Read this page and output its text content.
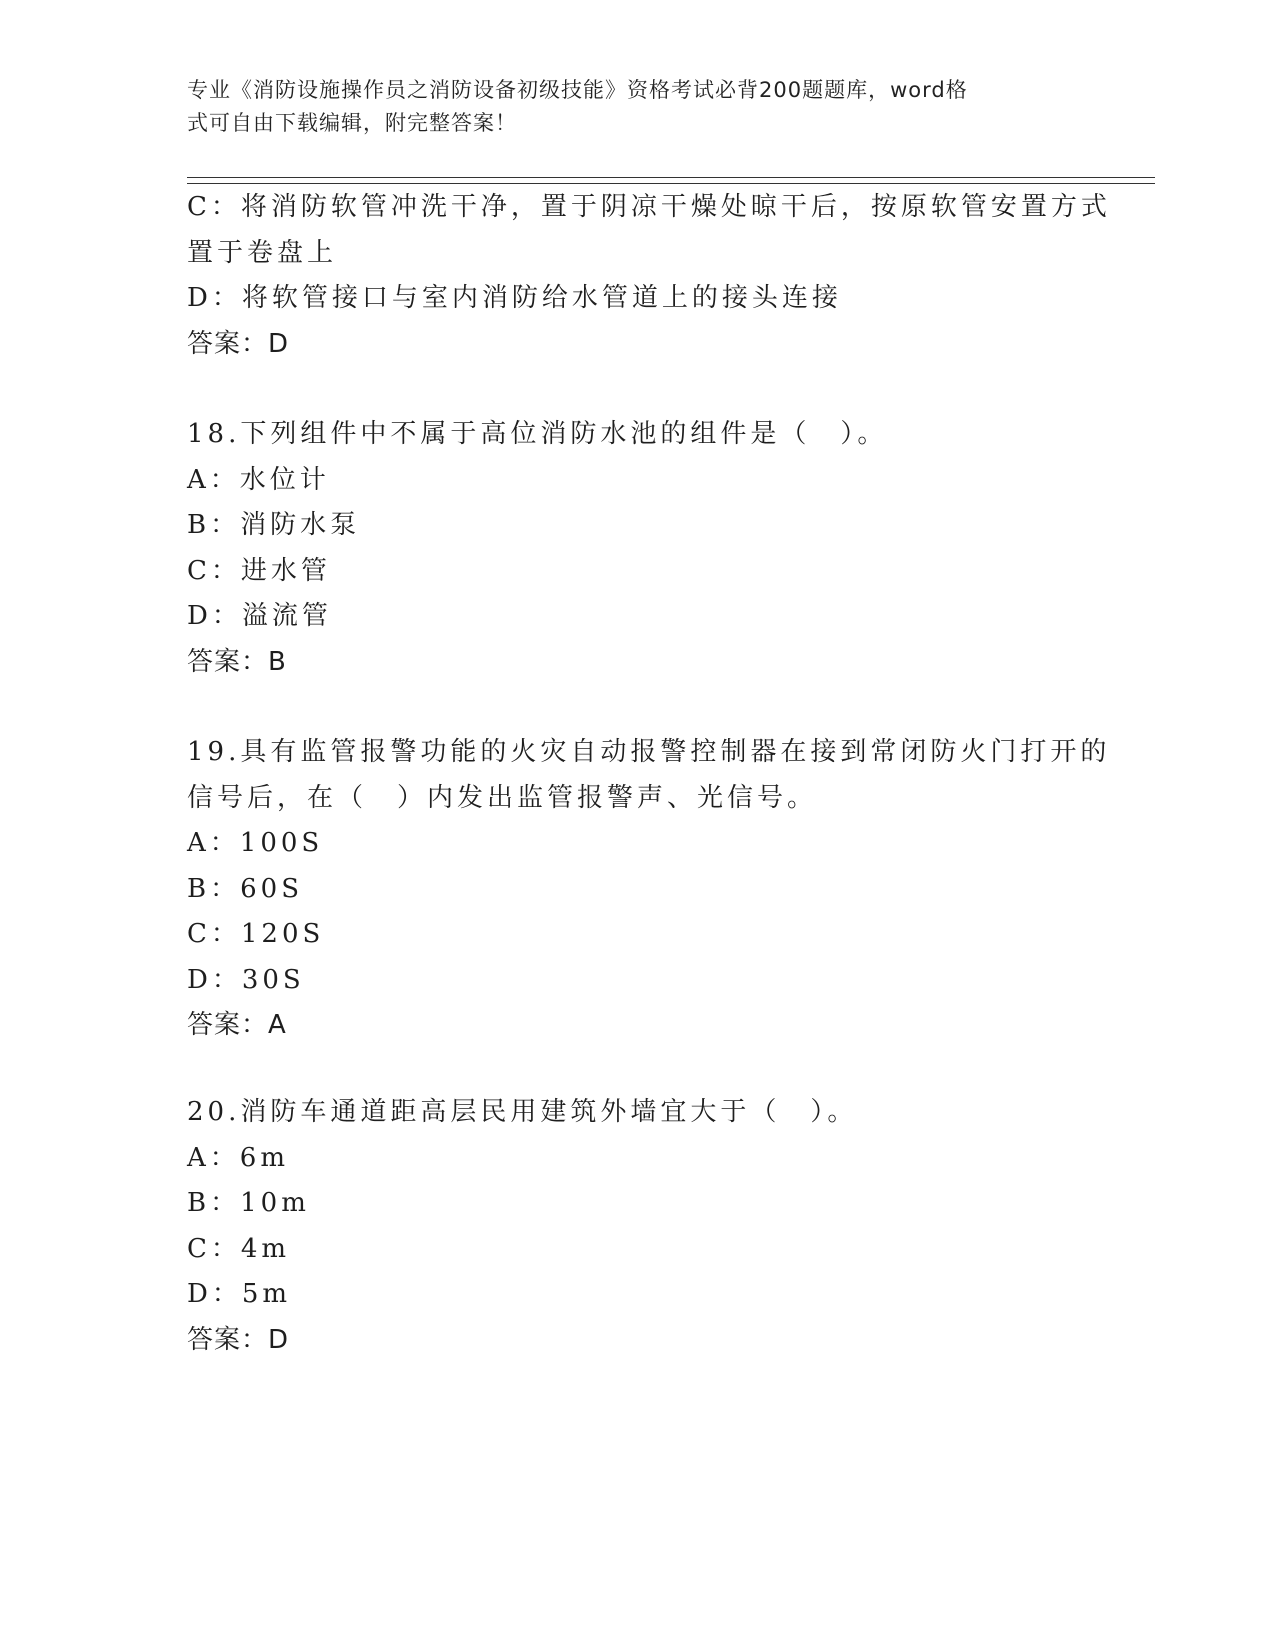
专业《消防设施操作员之消防设备初级技能》资格考试必背200题题库，word格
式可自由下载编辑，附完整答案！
C：将消防软管冲洗干净，置于阴凉干燥处晾干后，按原软管安置方式
置于卷盘上
D：将软管接口与室内消防给水管道上的接头连接
答案：D
18.下列组件中不属于高位消防水池的组件是（　）。
A：水位计
B：消防水泵
C：进水管
D：溢流管
答案：B
19.具有监管报警功能的火灾自动报警控制器在接到常闭防火门打开的
信号后，在（　）内发出监管报警声、光信号。
A：100S
B：60S
C：120S
D：30S
答案：A
20.消防车通道距高层民用建筑外墙宜大于（　）。
A：6m
B：10m
C：4m
D：5m
答案：D
